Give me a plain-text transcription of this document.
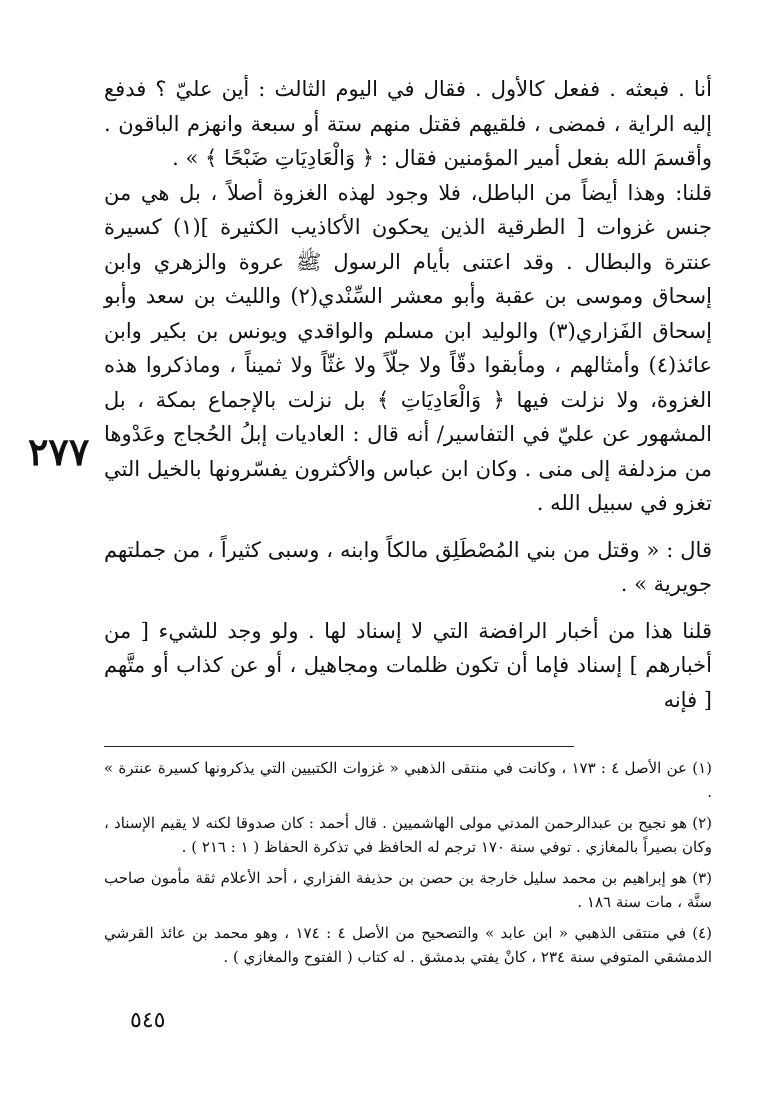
أنا . فبعثه . ففعل كالأول . فقال في اليوم الثالث : أين عليّ ؟ فدفع إليه الراية ، فمضى ، فلقيهم فقتل منهم ستة أو سبعة وانهزم الباقون . وأقسمَ الله بفعل أمير المؤمنين فقال : ﴿ وَالْعَادِيَاتِ ضَبْحًا ﴾ » .

قلنا: وهذا أيضاً من الباطل، فلا وجود لهذه الغزوة أصلاً ، بل هي من جنس غزوات [ الطرقية الذين يحكون الأكاذيب الكثيرة ](١) كسيرة عنترة والبطال . وقد اعتنى بأيام الرسول ﷺ عروة والزهري وابن إسحاق وموسى بن عقبة وأبو معشر السِّنْدي(٢) والليث بن سعد وأبو إسحاق الفَزاري(٣) والوليد ابن مسلم والواقدي ويونس بن بكير وابن عائذ(٤) وأمثالهم ، ومأبقوا دقّاً ولا جلّاً ولا غثّاً ولا ثميناً ، وماذكروا هذه الغزوة، ولا نزلت فيها ﴿ وَالْعَادِيَاتِ ﴾ بل نزلت بالإجماع بمكة ، بل المشهور عن عليّ في التفاسير/ أنه قال : العاديات إبلُ الحُجاج وعَدْوها من مزدلفة إلى منى . وكان ابن عباس والأكثرون يفسّرونها بالخيل التي تغزو في سبيل الله .

قال : « وقتل من بني المُصْطَلِق مالكاً وابنه ، وسبى كثيراً ، من جملتهم جويرية » .

قلنا هذا من أخبار الرافضة التي لا إسناد لها . ولو وجد للشيء [ من أخبارهم ] إسناد فإما أن تكون ظلمات ومجاهيل ، أو عن كذاب أو متَّهم [ فإنه

٢٧٧

(١) عن الأصل ٤ : ١٧٣ ، وكانت في منتقى الذهبي « غزوات الكتبيين التي يذكرونها كسيرة عنترة » .

(٢) هو نجيح بن عبدالرحمن المدني مولى الهاشميين . قال أحمد : كان صدوقا لكنه لا يقيم الإسناد ، وكان بصيراً بالمغازي . توفي سنة ١٧٠ ترجم له الحافظ في تذكرة الحفاظ ( ١ : ٢١٦ ) .

(٣) هو إبراهيم بن محمد سليل خارجة بن حصن بن حذيفة الفزاري ، أحد الأعلام ثقة مأمون صاحب سنَّة ، مات سنة ١٨٦ .

(٤) في منتقى الذهبي « ابن عابد » والتصحيح من الأصل ٤ : ١٧٤ ، وهو محمد بن عائذ القرشي الدمشقي المتوفي سنة ٢٣٤ ، كانْ يفتي بدمشق . له كتاب ( الفتوح والمغازي ) .

٥٤٥
